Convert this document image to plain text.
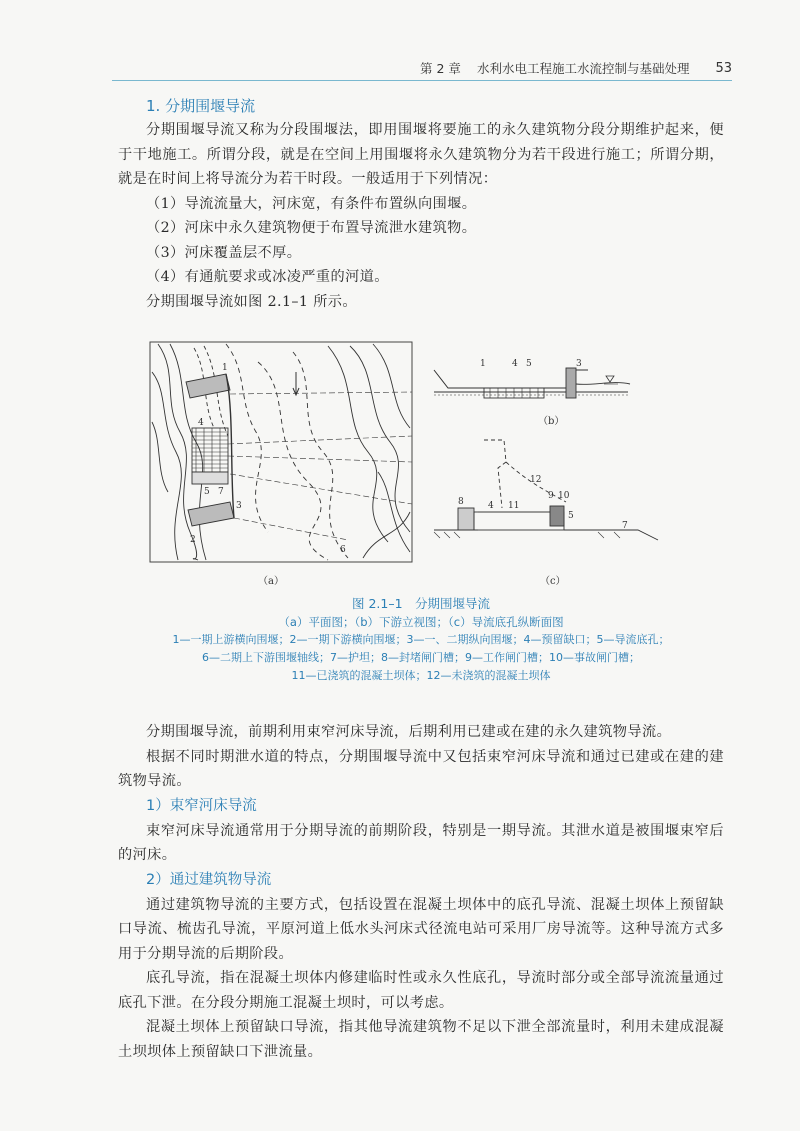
第 2 章 水利水电工程施工水流控制与基础处理 53
1. 分期围堰导流

分期围堰导流又称为分段围堰法，即用围堰将要施工的永久建筑物分段分期维护起来，便于干地施工。所谓分段，就是在空间上用围堰将永久建筑物分为若干段进行施工；所谓分期，就是在时间上将导流分为若干时段。一般适用于下列情况：

（1）导流流量大，河床宽，有条件布置纵向围堰。
（2）河床中永久建筑物便于布置导流泄水建筑物。
（3）河床覆盖层不厚。
（4）有通航要求或冰凌严重的河道。

分期围堰导流如图 2.1–1 所示。

1
2
3
4
5
6
7
（a）
1	4 5	3
（b）
8	4 11
9 10
12
5
7
（c）
图 2.1–1　分期围堰导流
（a）平面图；（b）下游立视图；（c）导流底孔纵断面图
1—一期上游横向围堰；2—一期下游横向围堰；3—一、二期纵向围堰；4—预留缺口；5—导流底孔；
6—二期上下游围堰轴线；7—护坦；8—封堵闸门槽；9—工作闸门槽；10—事故闸门槽；
11—已浇筑的混凝土坝体；12—未浇筑的混凝土坝体

分期围堰导流，前期利用束窄河床导流，后期利用已建或在建的永久建筑物导流。

根据不同时期泄水道的特点，分期围堰导流中又包括束窄河床导流和通过已建或在建的建筑物导流。

1）束窄河床导流

束窄河床导流通常用于分期导流的前期阶段，特别是一期导流。其泄水道是被围堰束窄后的河床。

2）通过建筑物导流

通过建筑物导流的主要方式，包括设置在混凝土坝体中的底孔导流、混凝土坝体上预留缺口导流、梳齿孔导流，平原河道上低水头河床式径流电站可采用厂房导流等。这种导流方式多用于分期导流的后期阶段。

底孔导流，指在混凝土坝体内修建临时性或永久性底孔，导流时部分或全部导流流量通过底孔下泄。在分段分期施工混凝土坝时，可以考虑。

混凝土坝体上预留缺口导流，指其他导流建筑物不足以下泄全部流量时，利用未建成混凝土坝坝体上预留缺口下泄流量。
